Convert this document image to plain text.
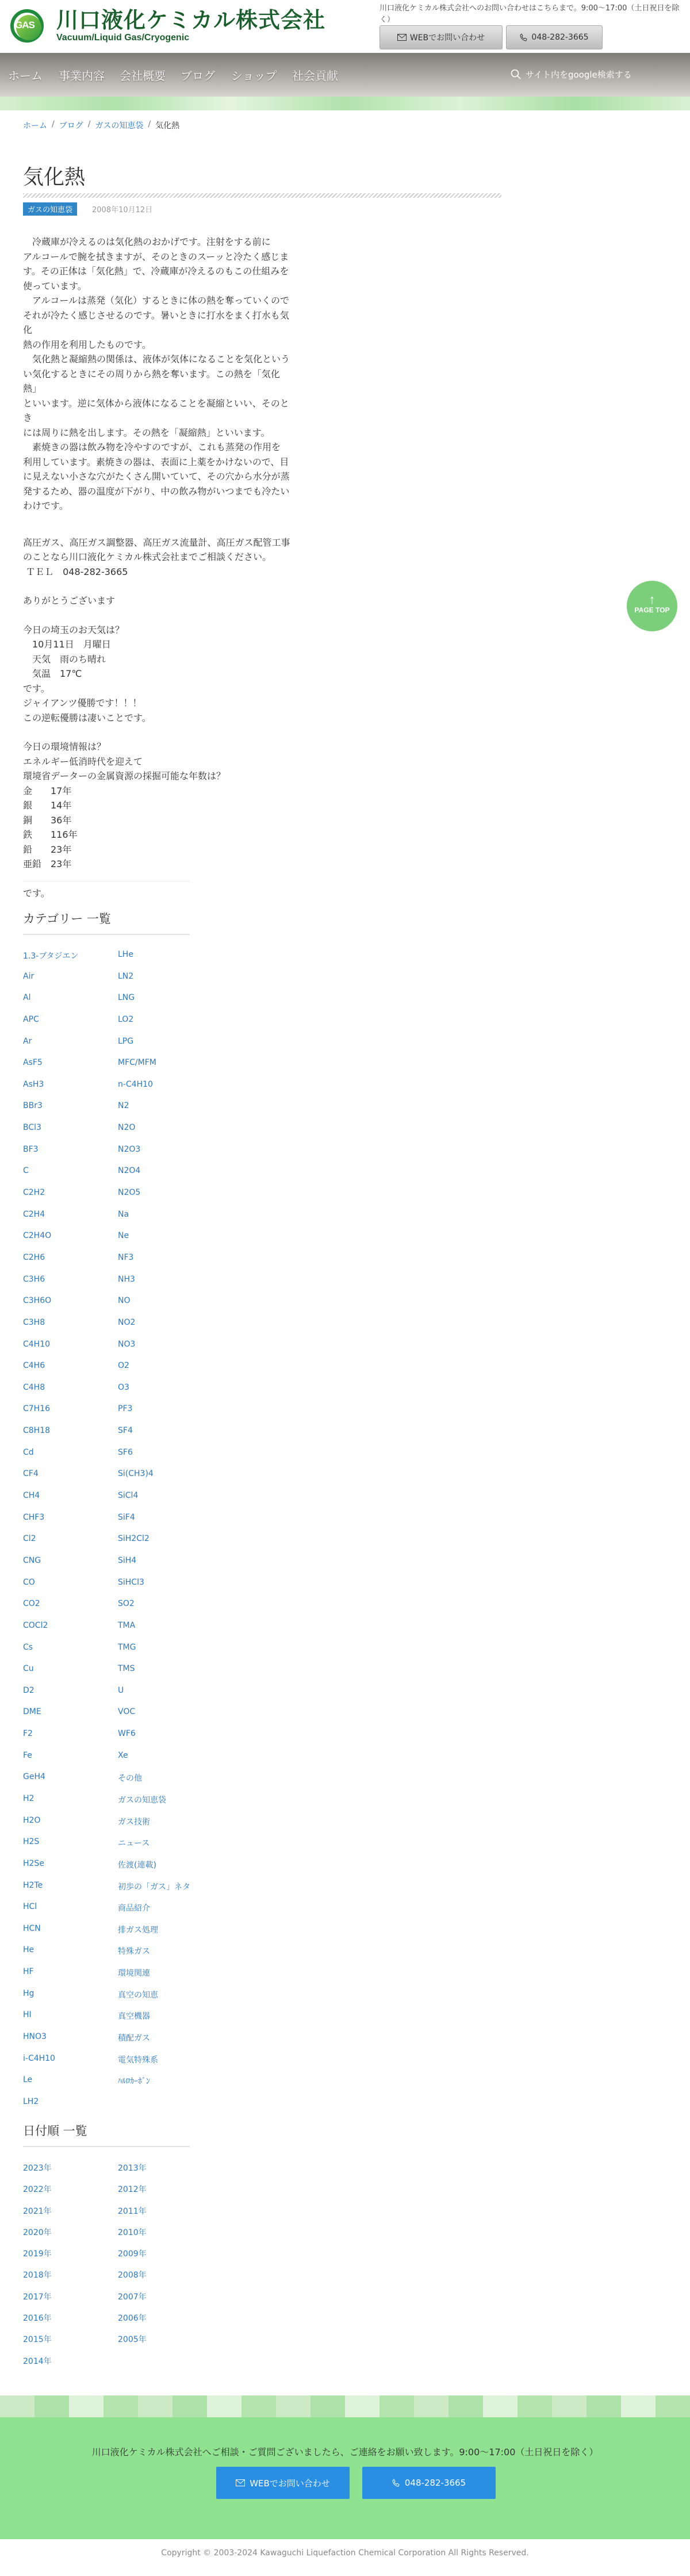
GAS 川口液化ケミカル株式会社
Vacuum/Liquid Gas/Cryogenic
川口液化ケミカル株式会社へのお問い合わせはこちらまで。9:00〜17:00（土日祝日を除く）
WEBでお問い合わせ	048-282-3665
ホーム 事業内容 会社概要 ブログ ショップ 社会貢献	サイト内をgoogle検索する
ホーム / ブログ / ガスの知恵袋 / 気化熱
気化熱
ガスの知恵袋	2008年10月12日

　冷蔵庫が冷えるのは気化熱のおかげです。注射をする前に
アルコールで腕を拭きますが、そのときのスーッと冷たく感じま
す。その正体は「気化熱」で、冷蔵庫が冷えるのもこの仕組みを
使っています。
　アルコールは蒸発（気化）するときに体の熱を奪っていくので
それが冷たく感じさせるのです。暑いときに打水をまく打水も気化
熱の作用を利用したものです。
　気化熱と凝縮熱の関係は、液体が気体になることを気化という
い気化するときにその周りから熱を奪います。この熱を「気化熱」
といいます。逆に気体から液体になることを凝縮といい、そのとき
には周りに熱を出します。その熱を「凝縮熱」といいます。
　素焼きの器は飲み物を冷やすのですが、これも蒸発の作用を
利用しています。素焼きの器は、表面に上薬をかけないので、目
に見えない小さな穴がたくさん開いていて、その穴から水分が蒸
発するため、器の温度が下がり、中の飲み物がいつまでも冷たい
わけです。

高圧ガス、高圧ガス調整器、高圧ガス流量計、高圧ガス配管工事
のことなら川口液化ケミカル株式会社までご相談ください。
ＴＥＬ　048-282-3665

ありがとうございます

今日の埼玉のお天気は？
　10月11日　月曜日
　天気　雨のち晴れ
　気温　17℃
です。
ジャイアンツ優勝です！！！
この逆転優勝は凄いことです。

今日の環境情報は？
エネルギー低消時代を迎えて
環境省データーの金属資源の採掘可能な年数は？
金　　17年
銀　　14年
銅　　36年
鉄　　116年
鉛　　23年
亜鉛　23年

です。

カテゴリー 一覧
1.3-ブタジエン	LHe
Air	LN2
Al	LNG
APC	LO2
Ar	LPG
AsF5	MFC/MFM
AsH3	n-C4H10
BBr3	N2
BCl3	N2O
BF3	N2O3
C	N2O4
C2H2	N2O5
C2H4	Na
C2H4O	Ne
C2H6	NF3
C3H6	NH3
C3H6O	NO
C3H8	NO2
C4H10	NO3
C4H6	O2
C4H8	O3
C7H16	PF3
C8H18	SF4
Cd	SF6
CF4	Si(CH3)4
CH4	SiCl4
CHF3	SiF4
Cl2	SiH2Cl2
CNG	SiH4
CO	SiHCl3
CO2	SO2
COCl2	TMA
Cs	TMG
Cu	TMS
D2	U
DME	VOC
F2	WF6
Fe	Xe
GeH4	その他
H2	ガスの知恵袋
H2O	ガス技術
H2S	ニュース
H2Se	佐渡(連載)
H2Te	初歩の「ガス」ネタ
HCl	商品紹介
HCN	排ガス処理
He	特殊ガス
HF	環境関連
Hg	真空の知恵
HI	真空機器
HNO3	積配ガス
i-C4H10	電気特殊系
Le	ﾊﾙﾛｶｰﾎﾞﾝ
LH2
日付順 一覧
2023年	2013年
2022年	2012年
2021年	2011年
2020年	2010年
2019年	2009年
2018年	2008年
2017年	2007年
2016年	2006年
2015年	2005年
2014年
↑
PAGE TOP
川口液化ケミカル株式会社へご相談・ご質問ございましたら、ご連絡をお願い致します。9:00〜17:00（土日祝日を除く）
WEBでお問い合わせ	048-282-3665
Copyright © 2003-2024 Kawaguchi Liquefaction Chemical Corporation All Rights Reserved.
